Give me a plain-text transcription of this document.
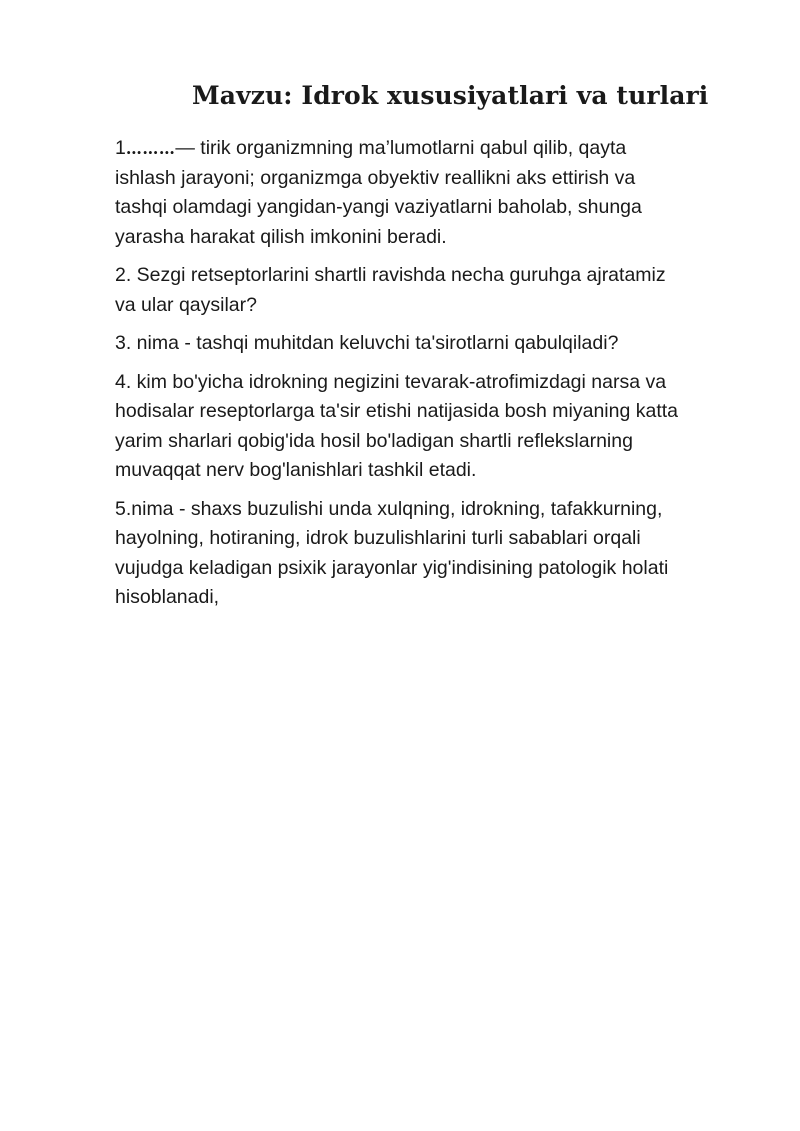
Mavzu: Idrok xususiyatlari va turlari

1………— tirik organizmning ma’lumotlarni qabul qilib, qayta
ishlash jarayoni; organizmga obyektiv reallikni aks ettirish va
tashqi olamdagi yangidan-yangi vaziyatlarni baholab, shunga
yarasha harakat qilish imkonini beradi.

2. Sezgi retseptorlarini shartli ravishda necha guruhga ajratamiz
va ular qaysilar?

3. nima - tashqi muhitdan keluvchi ta'sirotlarni qabulqiladi?

4. kim bo'yicha idrokning negizini tevarak-atrofimizdagi narsa va
hodisalar reseptorlarga ta'sir etishi natijasida bosh miyaning katta
yarim sharlari qobig'ida hosil bo'ladigan shartli reflekslarning
muvaqqat nerv bog'lanishlari tashkil etadi.

5.nima - shaxs buzulishi unda xulqning, idrokning, tafakkurning,
hayolning, hotiraning, idrok buzulishlarini turli sabablari orqali
vujudga keladigan psixik jarayonlar yig'indisining patologik holati
hisoblanadi,
